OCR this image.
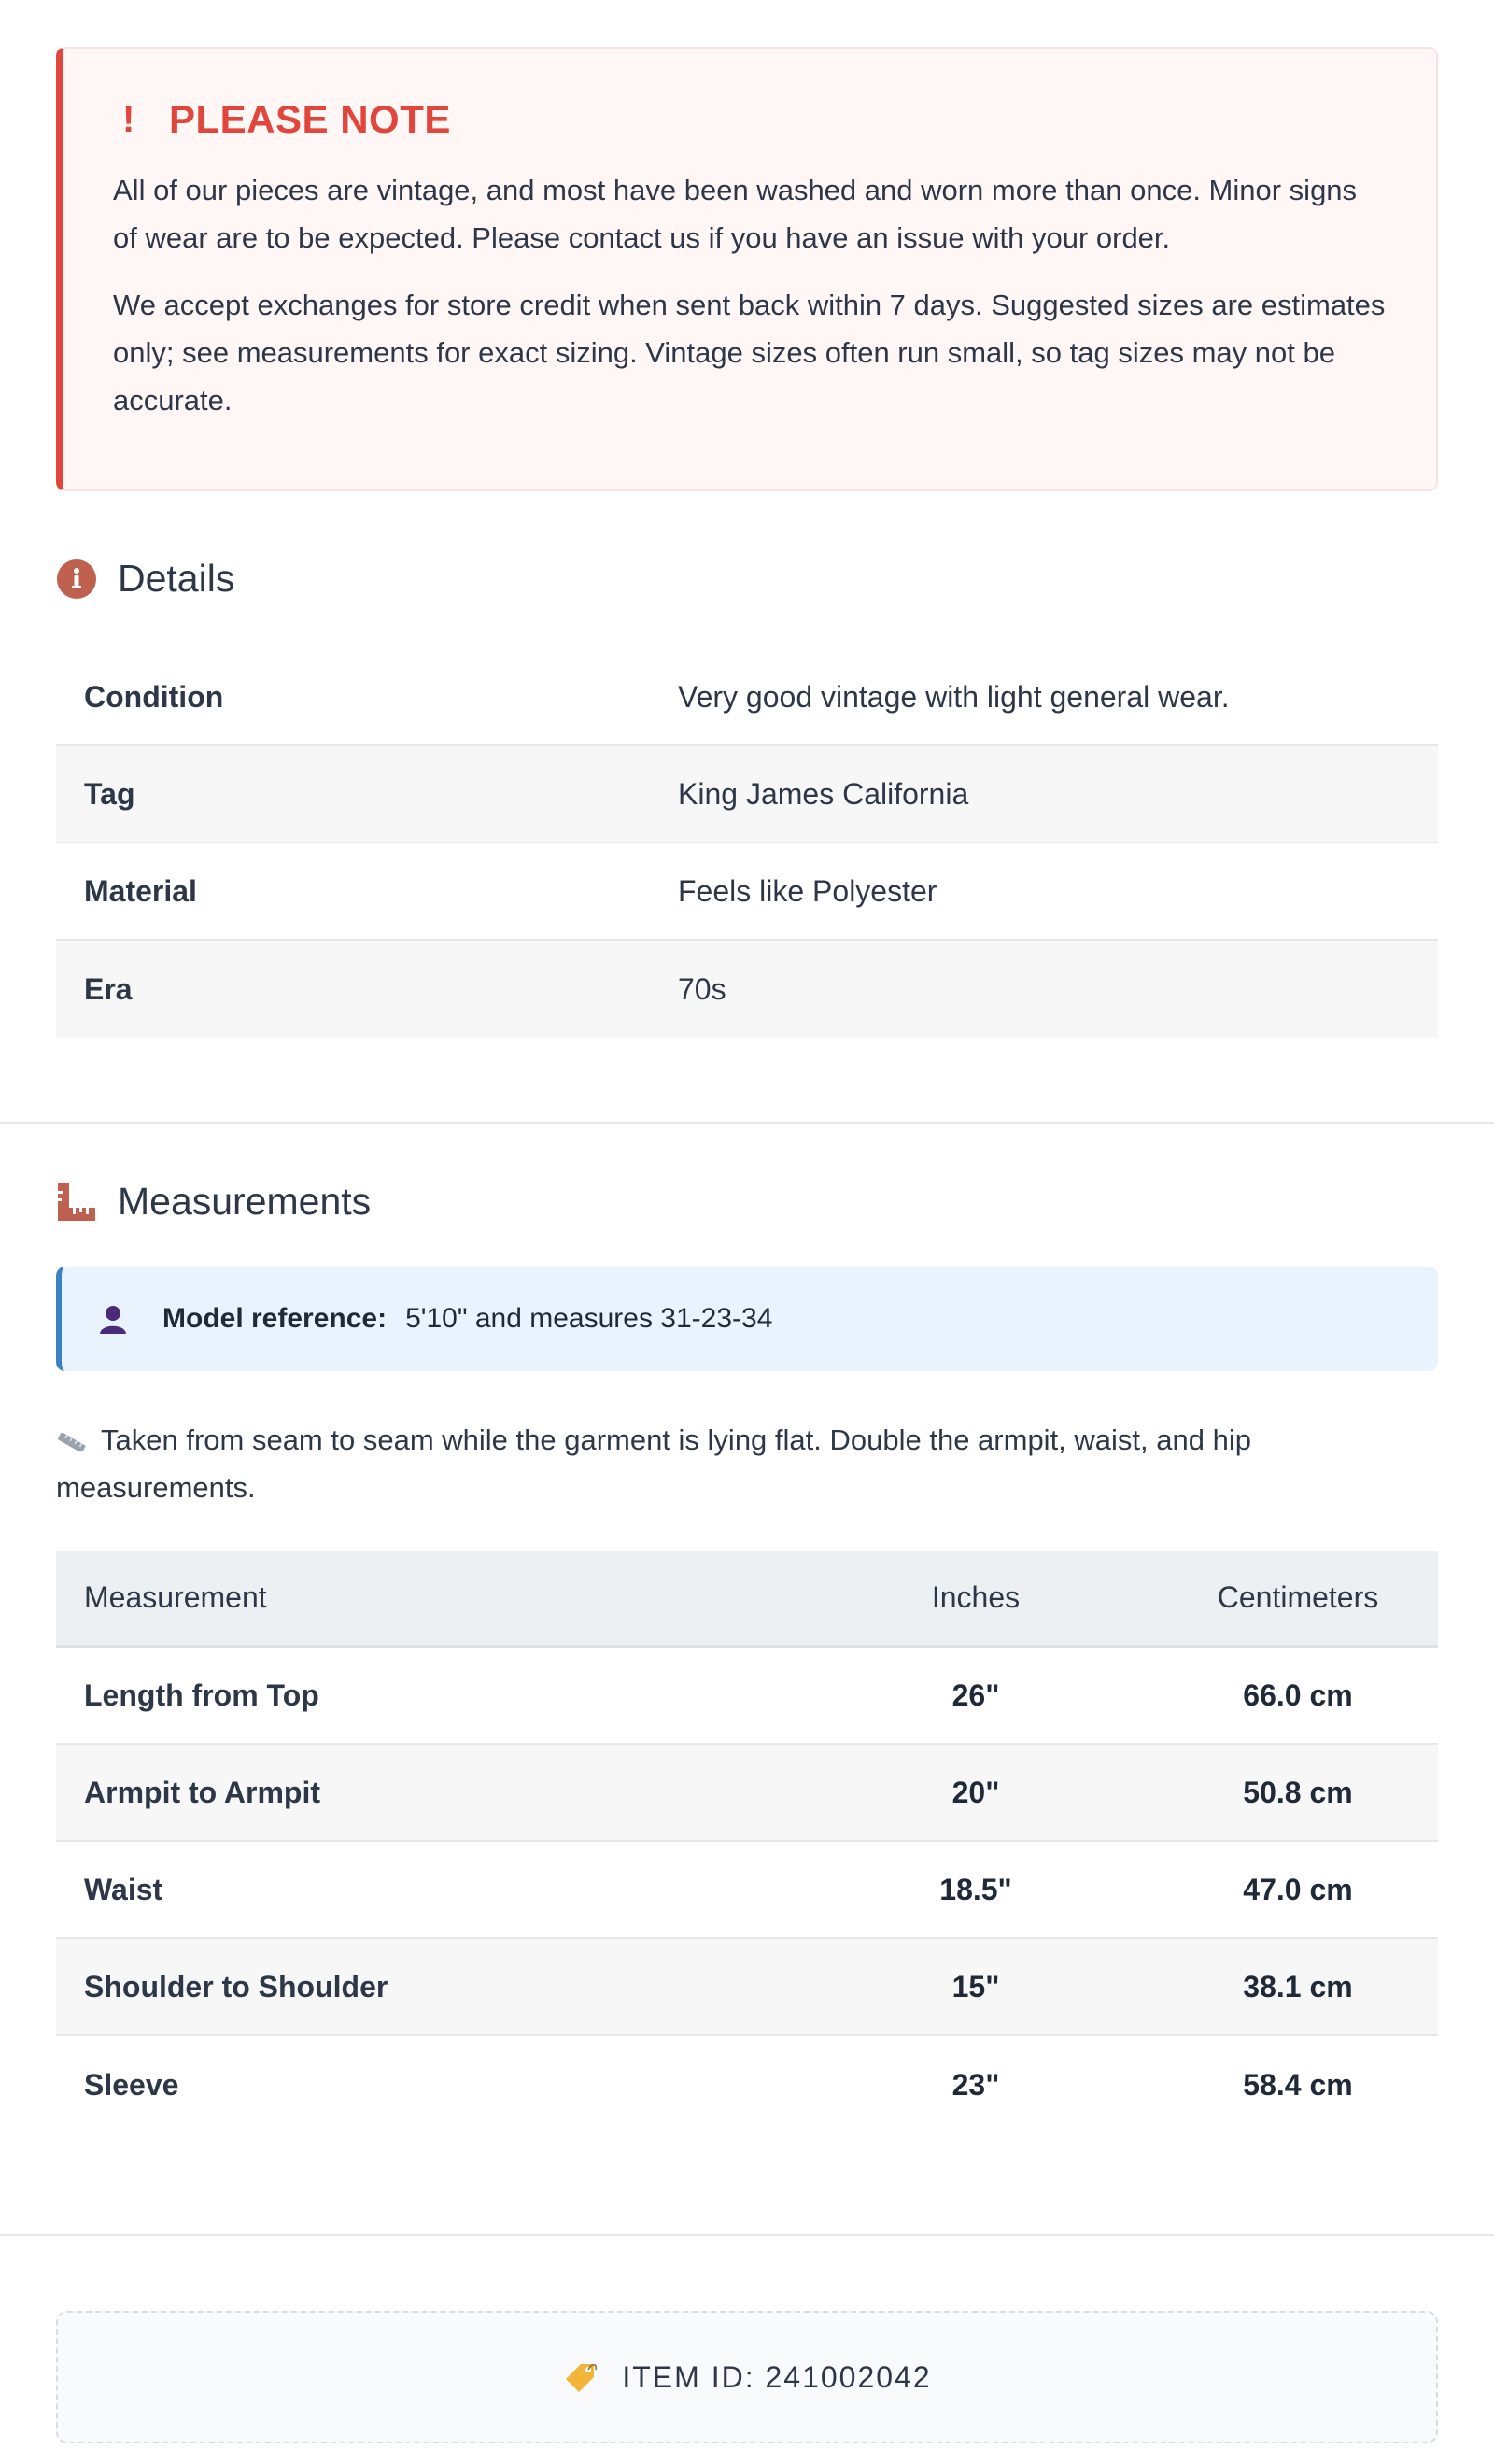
! PLEASE NOTE

All of our pieces are vintage, and most have been washed and worn more than once. Minor signs of wear are to be expected. Please contact us if you have an issue with your order.

We accept exchanges for store credit when sent back within 7 days. Suggested sizes are estimates only; see measurements for exact sizing. Vintage sizes often run small, so tag sizes may not be accurate.

Details
Condition	Very good vintage with light general wear.
Tag	King James California
Material	Feels like Polyester
Era	70s
Measurements
Model reference: 5'10" and measures 31-23-34
Taken from seam to seam while the garment is lying flat. Double the armpit, waist, and hip measurements.
Measurement	Inches	Centimeters
Length from Top	26"	66.0 cm
Armpit to Armpit	20"	50.8 cm
Waist	18.5"	47.0 cm
Shoulder to Shoulder	15"	38.1 cm
Sleeve	23"	58.4 cm
ITEM ID: 241002042
